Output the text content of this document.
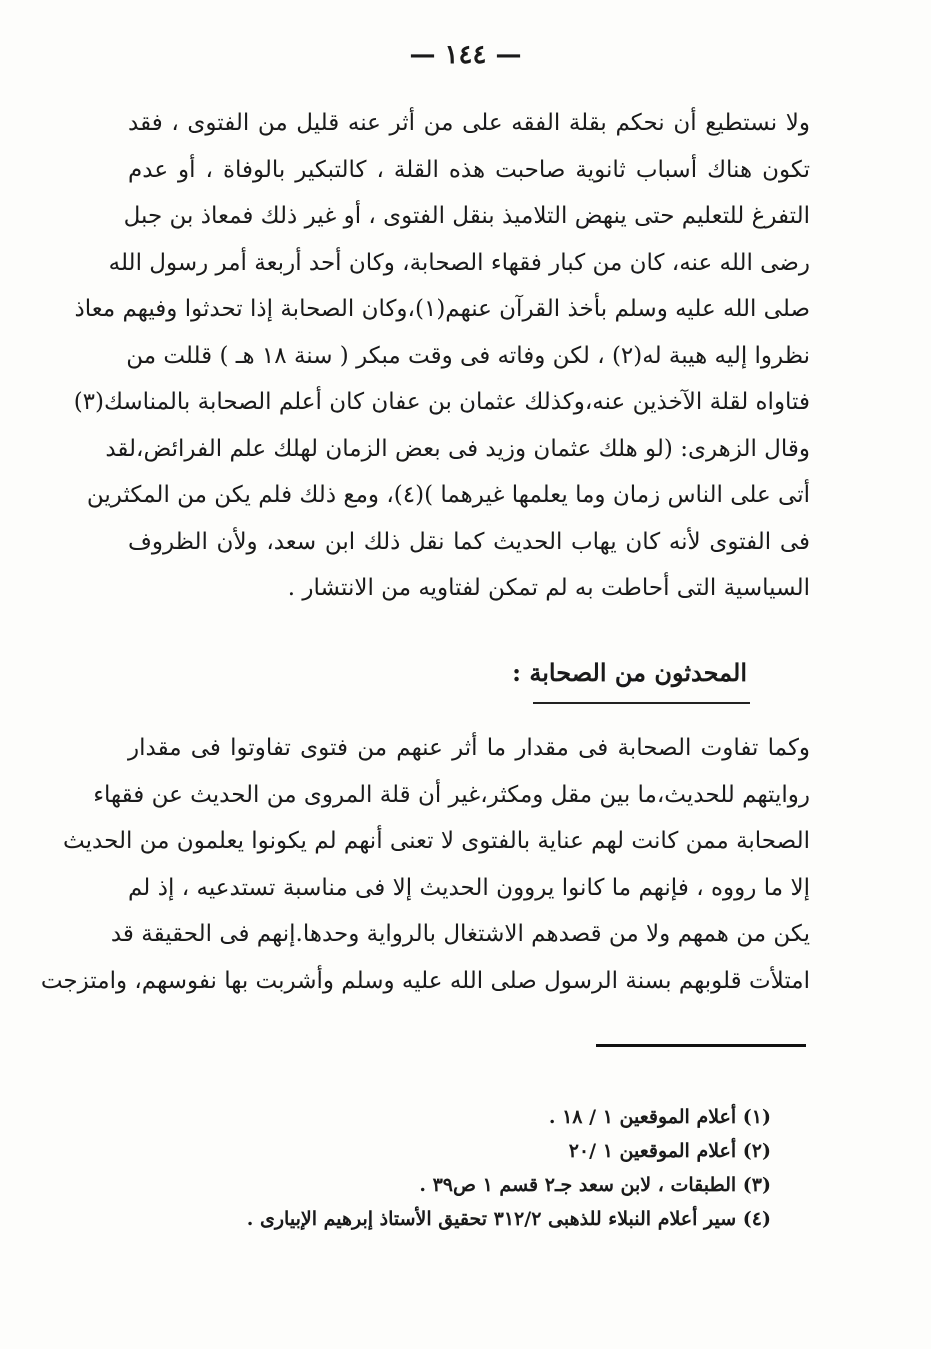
— ١٤٤ —
ولا نستطيع أن نحكم بقلة الفقه على من أثر عنه قليل من الفتوى ، فقد
تكون هناك أسباب ثانوية صاحبت هذه القلة ، كالتبكير بالوفاة ، أو عدم
التفرغ للتعليم حتى ينهض التلاميذ بنقل الفتوى ، أو غير ذلك فمعاذ بن جبل
رضى الله عنه، كان من كبار فقهاء الصحابة، وكان أحد أربعة أمر رسول الله
صلى الله عليه وسلم بأخذ القرآن عنهم(١)،وكان الصحابة إذا تحدثوا وفيهم معاذ
نظروا إليه هيبة له(٢) ، لكن وفاته فى وقت مبكر ( سنة ١٨ هـ ) قللت من
فتاواه لقلة الآخذين عنه،وكذلك عثمان بن عفان كان أعلم الصحابة بالمناسك(٣)
وقال الزهرى: (لو هلك عثمان وزيد فى بعض الزمان لهلك علم الفرائض،لقد
أتى على الناس زمان وما يعلمها غيرهما )(٤)، ومع ذلك فلم يكن من المكثرين
فى الفتوى لأنه كان يهاب الحديث كما نقل ذلك ابن سعد، ولأن الظروف
السياسية التى أحاطت به لم تمكن لفتاويه من الانتشار .
المحدثون من الصحابة :
وكما تفاوت الصحابة فى مقدار ما أثر عنهم من فتوى تفاوتوا فى مقدار
روايتهم للحديث،ما بين مقل ومكثر،غير أن قلة المروى من الحديث عن فقهاء
الصحابة ممن كانت لهم عناية بالفتوى لا تعنى أنهم لم يكونوا يعلمون من الحديث
إلا ما رووه ، فإنهم ما كانوا يروون الحديث إلا فى مناسبة تستدعيه ، إذ لم
يكن من همهم ولا من قصدهم الاشتغال بالرواية وحدها.إنهم فى الحقيقة قد
امتلأت قلوبهم بسنة الرسول صلى الله عليه وسلم وأشربت بها نفوسهم، وامتزجت
(١) أعلام الموقعين ١ / ١٨ .
(٢) أعلام الموقعين ١ /٢٠
(٣) الطبقات ، لابن سعد جـ٢ قسم ١ ص٣٩ .
(٤) سير أعلام النبلاء للذهبى ٣١٢/٢ تحقيق الأستاذ إبرهيم الإبيارى .
